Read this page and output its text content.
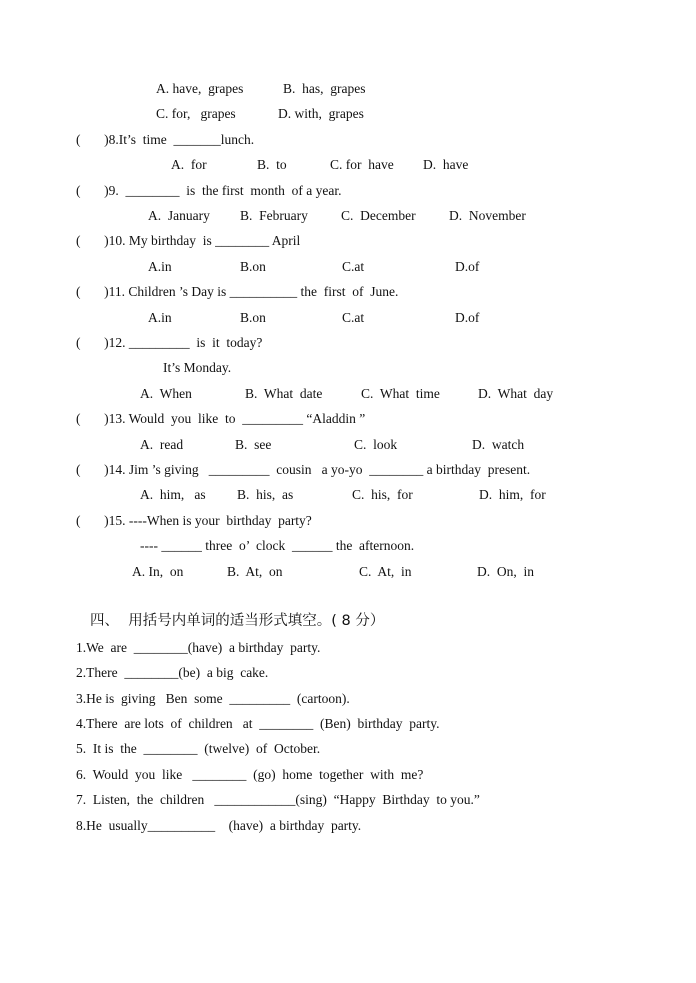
A. have,  grapes	B.  has,  grapes
C. for,   grapes	D. with,  grapes
(       )8.It’s  time  _______lunch.
A.  for	B.  to	C. for  have D.  have
(       )9.  ________  is  the first  month  of a year.
A.  January B.  February C.  December D.  November
(       )10. My birthday  is ________ April
A.in	B.on	C.at	D.of
(       )11. Children ’s Day is __________ the  first  of  June.
A.in	B.on	C.at	D.of
(       )12. _________  is  it  today?
It’s Monday.
A.  When	B.  What  date	C.  What  time	D.  What  day
(       )13. Would  you  like  to  _________ “Aladdin ”
A.  read	B.  see	C.  look	D.  watch
(       )14. Jim ’s giving   _________  cousin   a yo-yo  ________ a birthday  present.
A.  him,   as B.  his,  as	C.  his,  for	D.  him,  for
(       )15. ----When is your  birthday  party?
---- ______ three  o’  clock  ______ the  afternoon.
A. In,  on	B.  At,  on	C.  At,  in	D.  On,  in
四、  用括号内单词的适当形式填空。( 8 分）
1.We  are  ________(have)  a birthday  party.
2.There  ________(be)  a big  cake.
3.He is  giving   Ben  some  _________  (cartoon).
4.There  are lots  of  children   at  ________  (Ben)  birthday  party.
5.  It is  the  ________  (twelve)  of  October.
6.  Would  you  like   ________  (go)  home  together  with  me?
7.  Listen,  the  children   ____________(sing)  “Happy  Birthday  to you.”
8.He  usually__________    (have)  a birthday  party.
